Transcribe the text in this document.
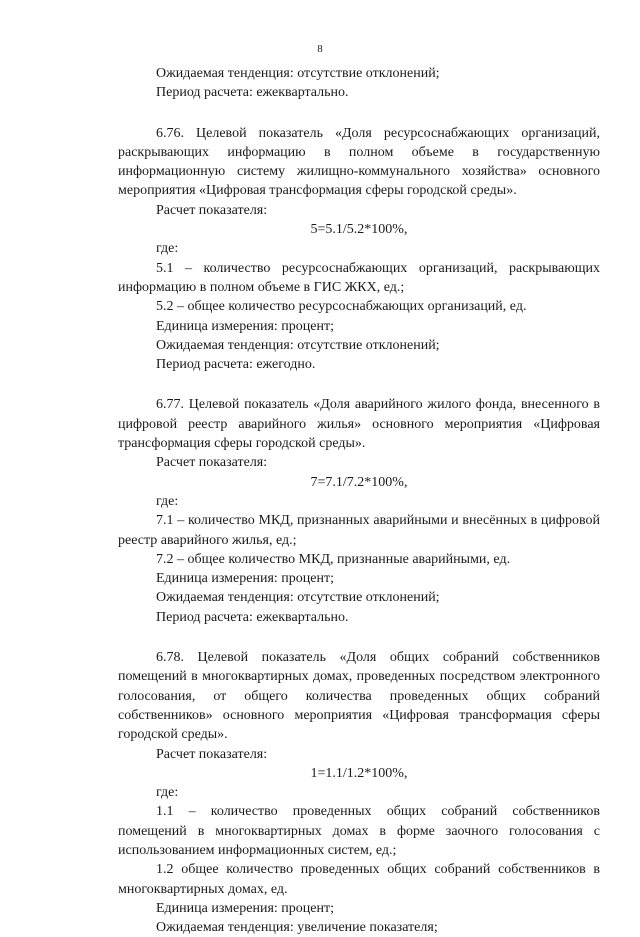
8

Ожидаемая тенденция: отсутствие отклонений;

Период расчета: ежеквартально.

6.76. Целевой показатель «Доля ресурсоснабжающих организаций, раскрывающих информацию в полном объеме в государственную информационную систему жилищно-коммунального хозяйства» основного мероприятия «Цифровая трансформация сферы городской среды».

Расчет показателя:

5=5.1/5.2*100%,

где:

5.1 – количество ресурсоснабжающих организаций, раскрывающих информацию в полном объеме в ГИС ЖКХ, ед.;

5.2 – общее количество ресурсоснабжающих организаций, ед.

Единица измерения: процент;

Ожидаемая тенденция: отсутствие отклонений;

Период расчета: ежегодно.

6.77. Целевой показатель «Доля аварийного жилого фонда, внесенного в цифровой реестр аварийного жилья» основного мероприятия «Цифровая трансформация сферы городской среды».

Расчет показателя:

7=7.1/7.2*100%,

где:

7.1 – количество МКД, признанных аварийными и внесённых в цифровой реестр аварийного жилья, ед.;

7.2 – общее количество МКД, признанные аварийными, ед.

Единица измерения: процент;

Ожидаемая тенденция: отсутствие отклонений;

Период расчета: ежеквартально.

6.78. Целевой показатель «Доля общих собраний собственников помещений в многоквартирных домах, проведенных посредством электронного голосования, от общего количества проведенных общих собраний собственников» основного мероприятия «Цифровая трансформация сферы городской среды».

Расчет показателя:

1=1.1/1.2*100%,

где:

1.1 – количество проведенных общих собраний собственников помещений в многоквартирных домах в форме заочного голосования с использованием информационных систем, ед.;

1.2 общее количество проведенных общих собраний собственников в многоквартирных домах, ед.

Единица измерения: процент;

Ожидаемая тенденция: увеличение показателя;
